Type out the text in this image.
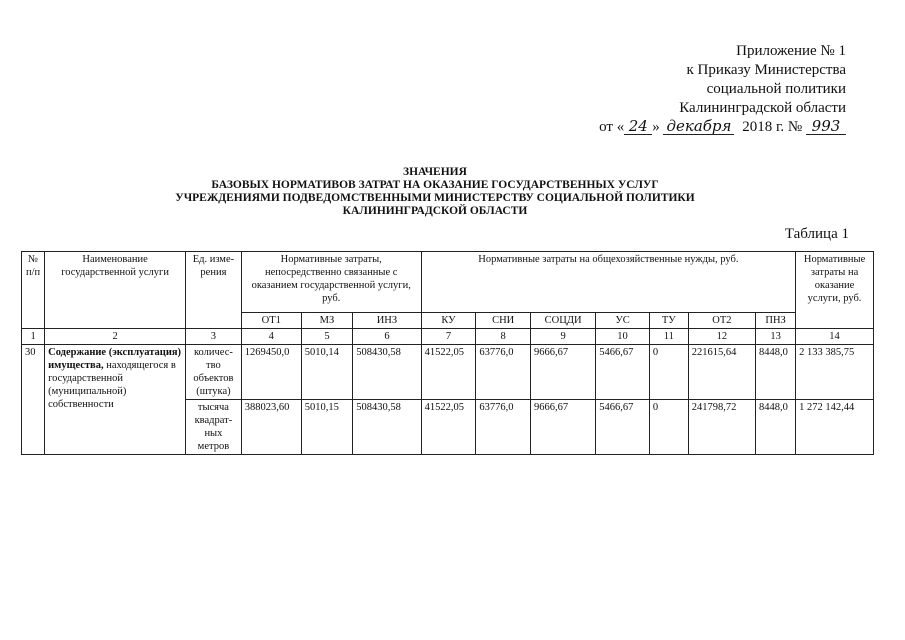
Приложение № 1
к Приказу Министерства
социальной политики
Калининградской области
от « 24 » декабря 2018 г. № 993
ЗНАЧЕНИЯ
БАЗОВЫХ НОРМАТИВОВ ЗАТРАТ НА ОКАЗАНИЕ ГОСУДАРСТВЕННЫХ УСЛУГ
УЧРЕЖДЕНИЯМИ ПОДВЕДОМСТВЕННЫМИ МИНИСТЕРСТВУ СОЦИАЛЬНОЙ ПОЛИТИКИ
КАЛИНИНГРАДСКОЙ ОБЛАСТИ
Таблица 1
№ п/п	Наименование государственной услуги	Ед. изме-рения	Нормативные затраты, непосредственно связанные с оказанием государственной услуги, руб.			Нормативные затраты на общехозяйственные нужды, руб.							Нормативные затраты на оказание услуги, руб.
			ОТ1	МЗ	ИНЗ	КУ	СНИ	СОЦДИ	УС	ТУ	ОТ2	ПНЗ	
1	2	3	4	5	6	7	8	9	10	11	12	13	14
30	Содержание (эксплуатация) имущества, находящегося в государственной (муниципальной) собственности	количес-тво объектов (штука)	1269450,0	5010,14	508430,58	41522,05	63776,0	9666,67	5466,67	0	221615,64	8448,0	2 133 385,75
		тысяча квадрат-ных метров	388023,60	5010,15	508430,58	41522,05	63776,0	9666,67	5466,67	0	241798,72	8448,0	1 272 142,44
